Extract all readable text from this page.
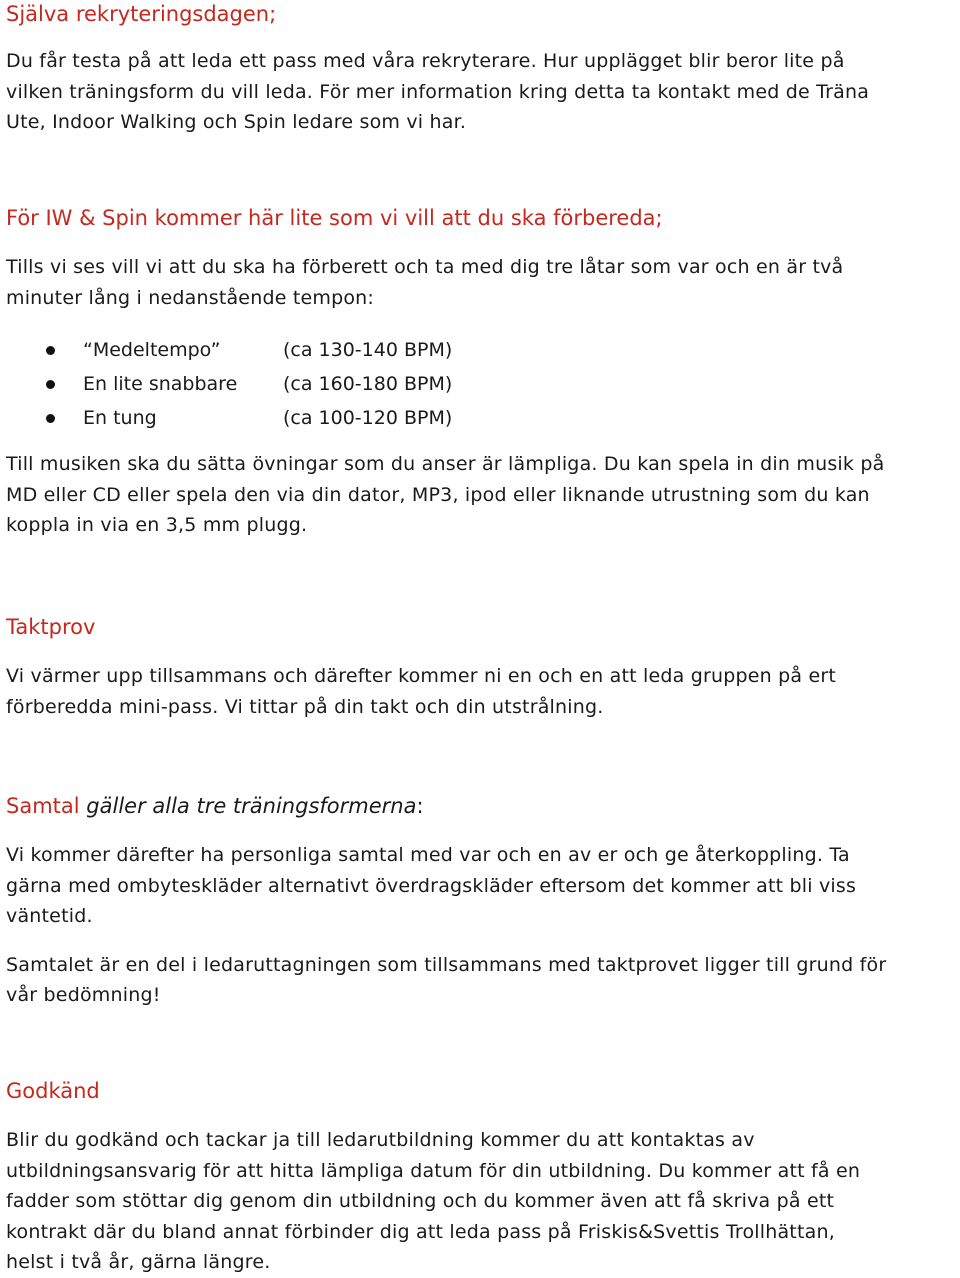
Själva rekryteringsdagen;

Du får testa på att leda ett pass med våra rekryterare. Hur upplägget blir beror lite på
vilken träningsform du vill leda. För mer information kring detta ta kontakt med de Träna
Ute, Indoor Walking och Spin ledare som vi har.

För IW & Spin kommer här lite som vi vill att du ska förbereda;

Tills vi ses vill vi att du ska ha förberett och ta med dig tre låtar som var och en är två
minuter lång i nedanstående tempon:

“Medeltempo”	(ca 130-140 BPM)
En lite snabbare (ca 160-180 BPM)
En tung	(ca 100-120 BPM)

Till musiken ska du sätta övningar som du anser är lämpliga. Du kan spela in din musik på
MD eller CD eller spela den via din dator, MP3, ipod eller liknande utrustning som du kan
koppla in via en 3,5 mm plugg.

Taktprov

Vi värmer upp tillsammans och därefter kommer ni en och en att leda gruppen på ert
förberedda mini-pass. Vi tittar på din takt och din utstrålning.

Samtal gäller alla tre träningsformerna:

Vi kommer därefter ha personliga samtal med var och en av er och ge återkoppling. Ta
gärna med ombyteskläder alternativt överdragskläder eftersom det kommer att bli viss
väntetid.

Samtalet är en del i ledaruttagningen som tillsammans med taktprovet ligger till grund för
vår bedömning!

Godkänd

Blir du godkänd och tackar ja till ledarutbildning kommer du att kontaktas av
utbildningsansvarig för att hitta lämpliga datum för din utbildning. Du kommer att få en
fadder som stöttar dig genom din utbildning och du kommer även att få skriva på ett
kontrakt där du bland annat förbinder dig att leda pass på Friskis&Svettis Trollhättan,
helst i två år, gärna längre.
